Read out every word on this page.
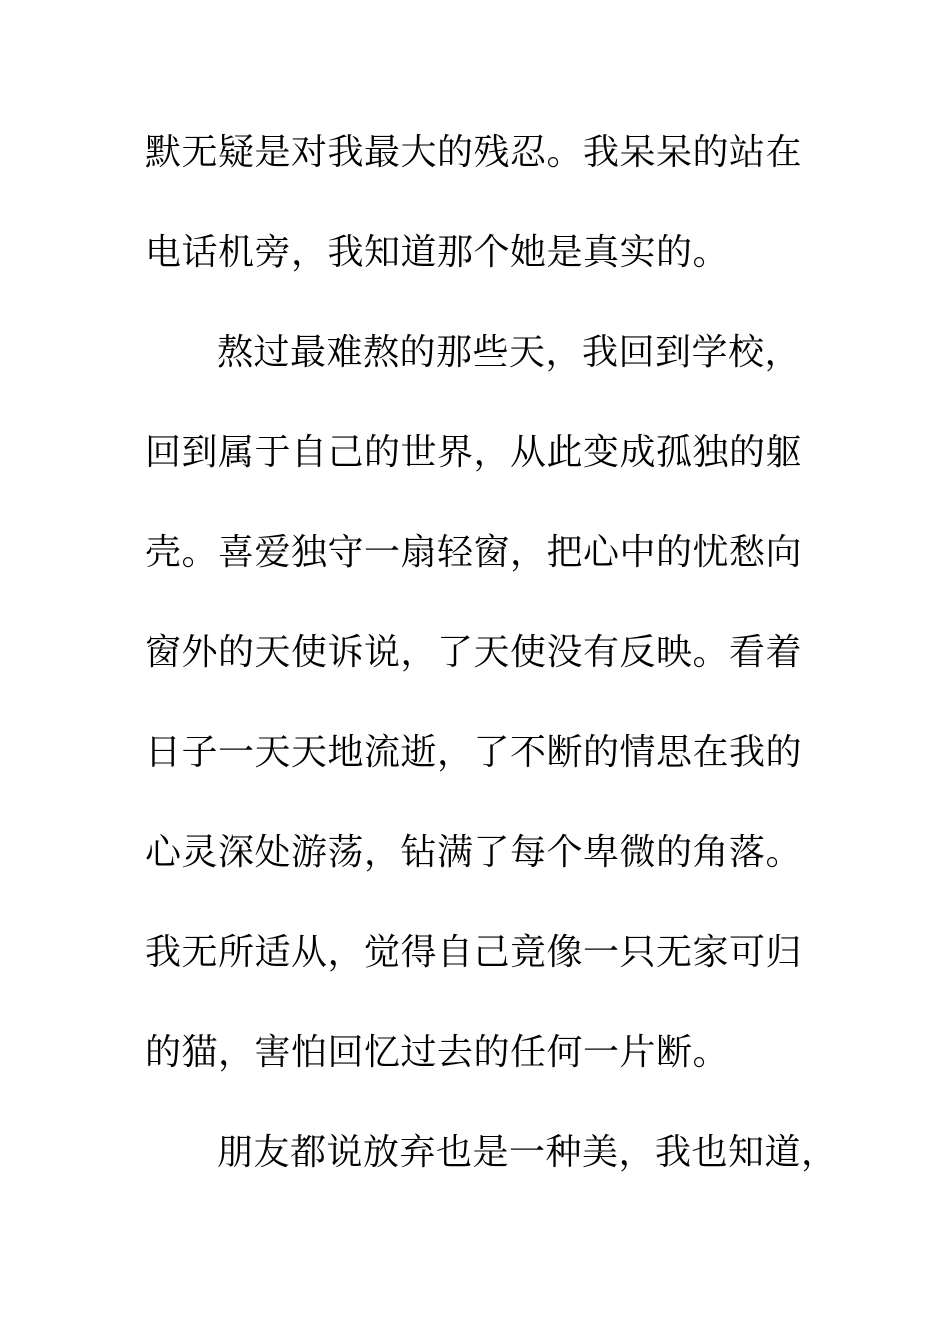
默无疑是对我最大的残忍。我呆呆的站在
电话机旁，我知道那个她是真实的。
熬过最难熬的那些天，我回到学校，
回到属于自己的世界，从此变成孤独的躯
壳。喜爱独守一扇轻窗，把心中的忧愁向
窗外的天使诉说，了天使没有反映。看着
日子一天天地流逝，了不断的情思在我的
心灵深处游荡，钻满了每个卑微的角落。
我无所适从，觉得自己竟像一只无家可归
的猫，害怕回忆过去的任何一片断。
朋友都说放弃也是一种美，我也知道，
